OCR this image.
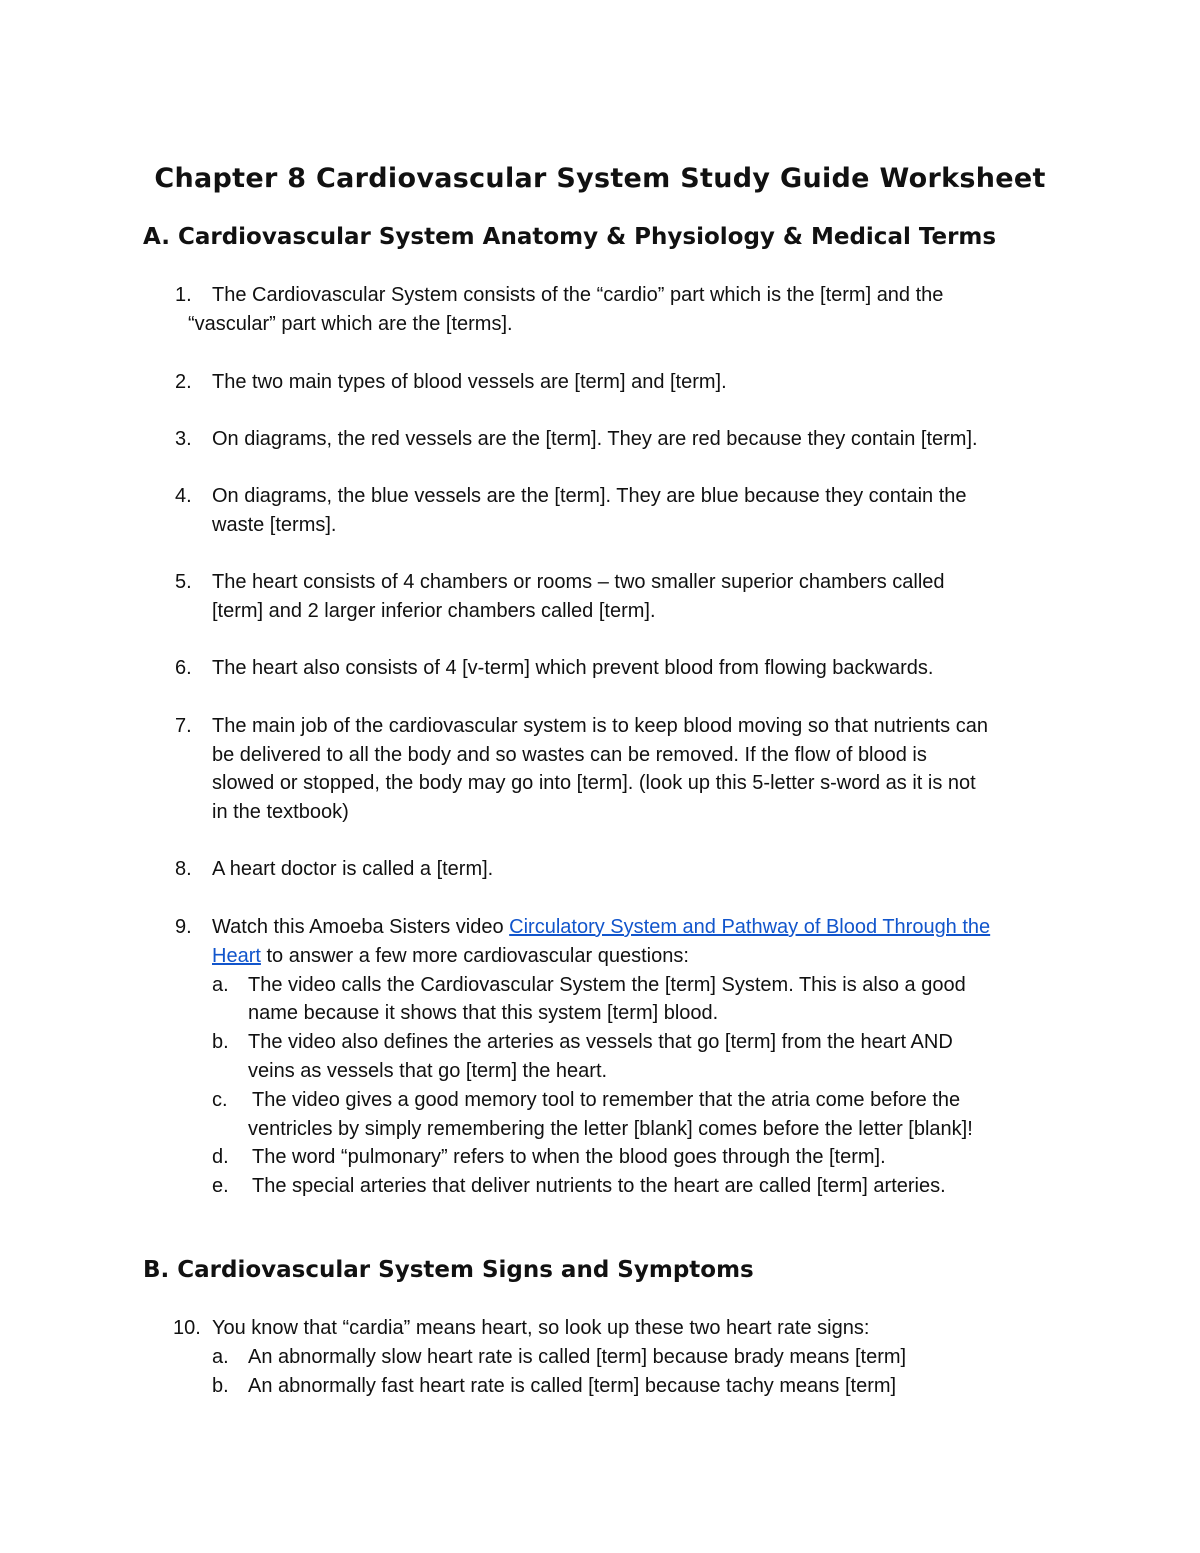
Chapter 8 Cardiovascular System Study Guide Worksheet
A. Cardiovascular System Anatomy & Physiology & Medical Terms
1.	The Cardiovascular System consists of the “cardio” part which is the [term] and the
“vascular” part which are the [terms].
2.	The two main types of blood vessels are [term] and [term].
3.	On diagrams, the red vessels are the [term]. They are red because they contain [term].
4.	On diagrams, the blue vessels are the [term]. They are blue because they contain the
waste [terms].
5.	The heart consists of 4 chambers or rooms – two smaller superior chambers called
[term] and 2 larger inferior chambers called [term].
6.	The heart also consists of 4 [v-term] which prevent blood from flowing backwards.
7.	The main job of the cardiovascular system is to keep blood moving so that nutrients can
be delivered to all the body and so wastes can be removed. If the flow of blood is
slowed or stopped, the body may go into [term]. (look up this 5-letter s-word as it is not
in the textbook)
8.	A heart doctor is called a [term].
9.	Watch this Amoeba Sisters video Circulatory System and Pathway of Blood Through the
Heart to answer a few more cardiovascular questions:
a. The video calls the Cardiovascular System the [term] System. This is also a good
name because it shows that this system [term] blood.
b. The video also defines the arteries as vessels that go [term] from the heart AND
veins as vessels that go [term] the heart.
c.	The video gives a good memory tool to remember that the atria come before the
ventricles by simply remembering the letter [blank] comes before the letter [blank]!
d.	The word “pulmonary” refers to when the blood goes through the [term].
e.	The special arteries that deliver nutrients to the heart are called [term] arteries.
B. Cardiovascular System Signs and Symptoms
10. You know that “cardia” means heart, so look up these two heart rate signs:
a. An abnormally slow heart rate is called [term] because brady means [term]
b. An abnormally fast heart rate is called [term] because tachy means [term]
